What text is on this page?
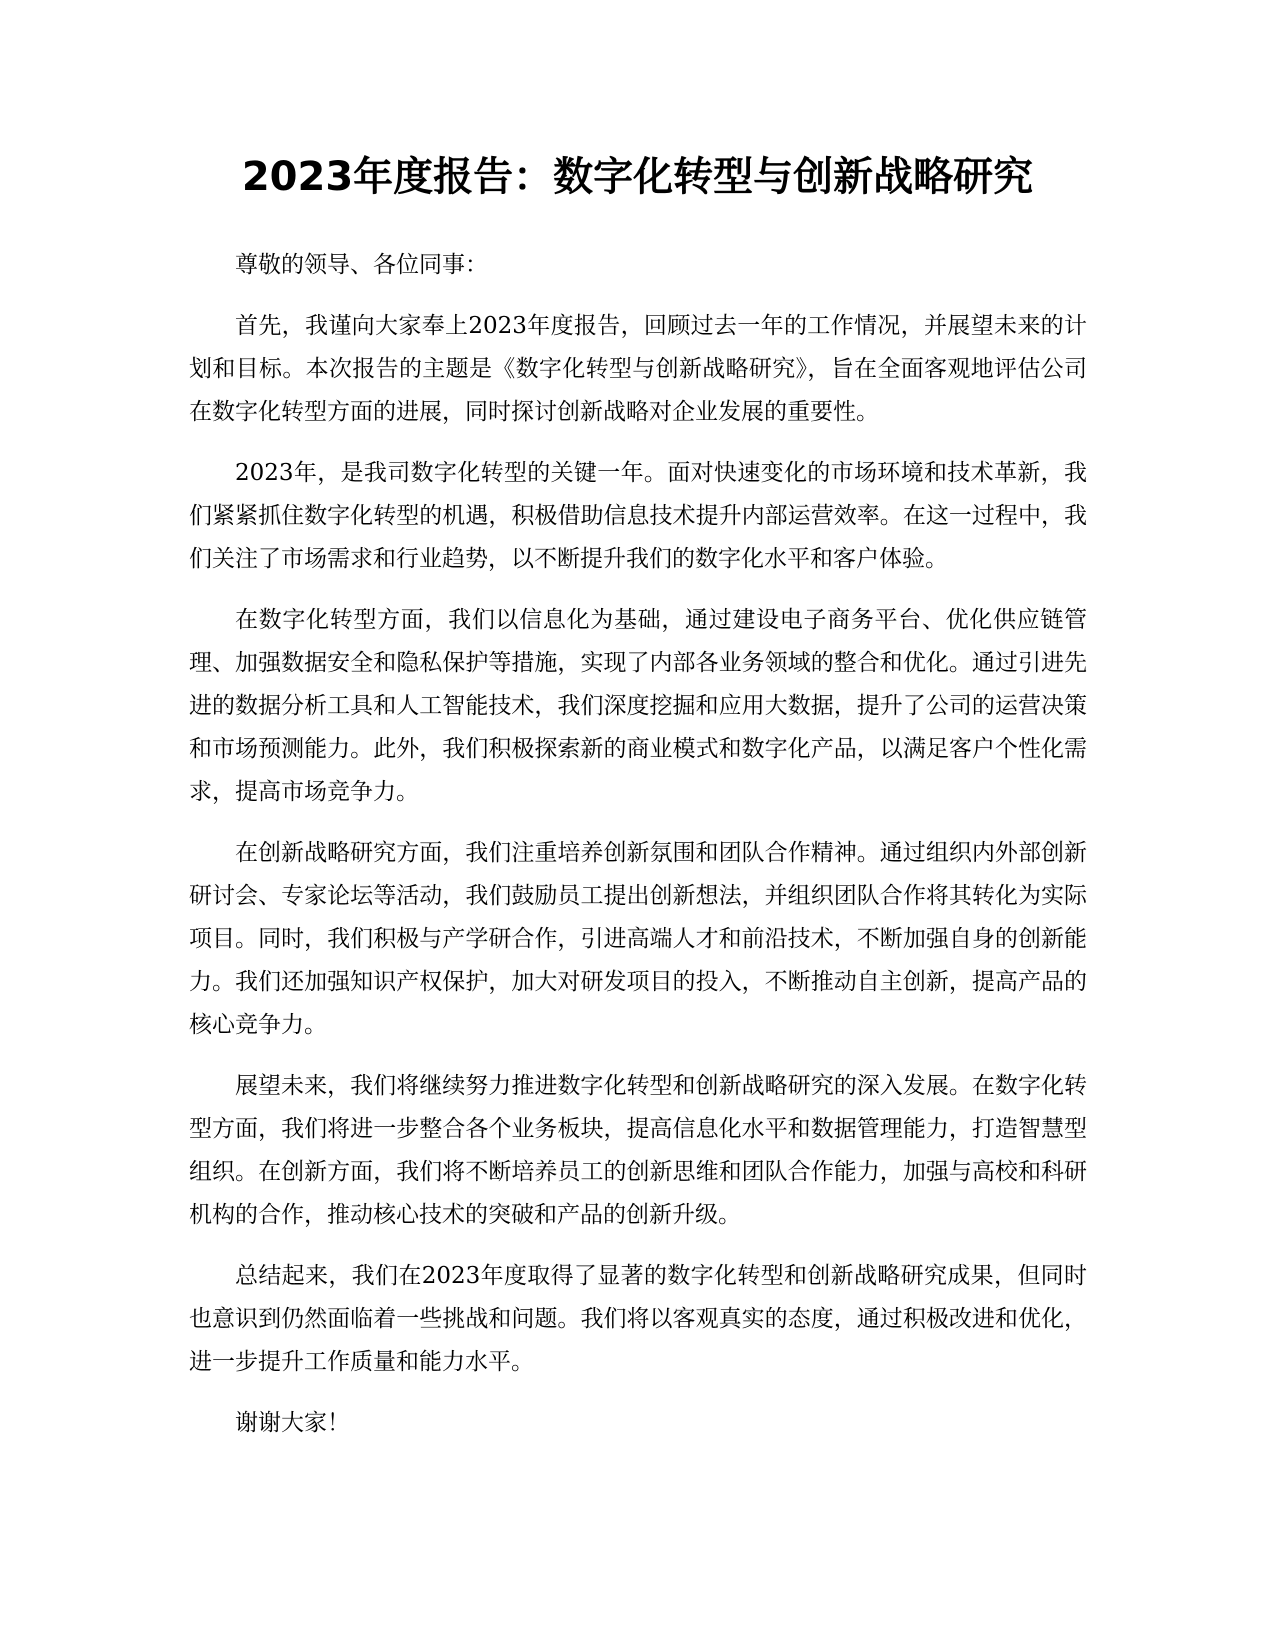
2023年度报告：数字化转型与创新战略研究

尊敬的领导、各位同事：

首先，我谨向大家奉上2023年度报告，回顾过去一年的工作情况，并展望未来的计划和目标。本次报告的主题是《数字化转型与创新战略研究》，旨在全面客观地评估公司在数字化转型方面的进展，同时探讨创新战略对企业发展的重要性。

2023年，是我司数字化转型的关键一年。面对快速变化的市场环境和技术革新，我们紧紧抓住数字化转型的机遇，积极借助信息技术提升内部运营效率。在这一过程中，我们关注了市场需求和行业趋势，以不断提升我们的数字化水平和客户体验。

在数字化转型方面，我们以信息化为基础，通过建设电子商务平台、优化供应链管理、加强数据安全和隐私保护等措施，实现了内部各业务领域的整合和优化。通过引进先进的数据分析工具和人工智能技术，我们深度挖掘和应用大数据，提升了公司的运营决策和市场预测能力。此外，我们积极探索新的商业模式和数字化产品，以满足客户个性化需求，提高市场竞争力。

在创新战略研究方面，我们注重培养创新氛围和团队合作精神。通过组织内外部创新研讨会、专家论坛等活动，我们鼓励员工提出创新想法，并组织团队合作将其转化为实际项目。同时，我们积极与产学研合作，引进高端人才和前沿技术，不断加强自身的创新能力。我们还加强知识产权保护，加大对研发项目的投入，不断推动自主创新，提高产品的核心竞争力。

展望未来，我们将继续努力推进数字化转型和创新战略研究的深入发展。在数字化转型方面，我们将进一步整合各个业务板块，提高信息化水平和数据管理能力，打造智慧型组织。在创新方面，我们将不断培养员工的创新思维和团队合作能力，加强与高校和科研机构的合作，推动核心技术的突破和产品的创新升级。

总结起来，我们在2023年度取得了显著的数字化转型和创新战略研究成果，但同时也意识到仍然面临着一些挑战和问题。我们将以客观真实的态度，通过积极改进和优化，进一步提升工作质量和能力水平。

谢谢大家！
